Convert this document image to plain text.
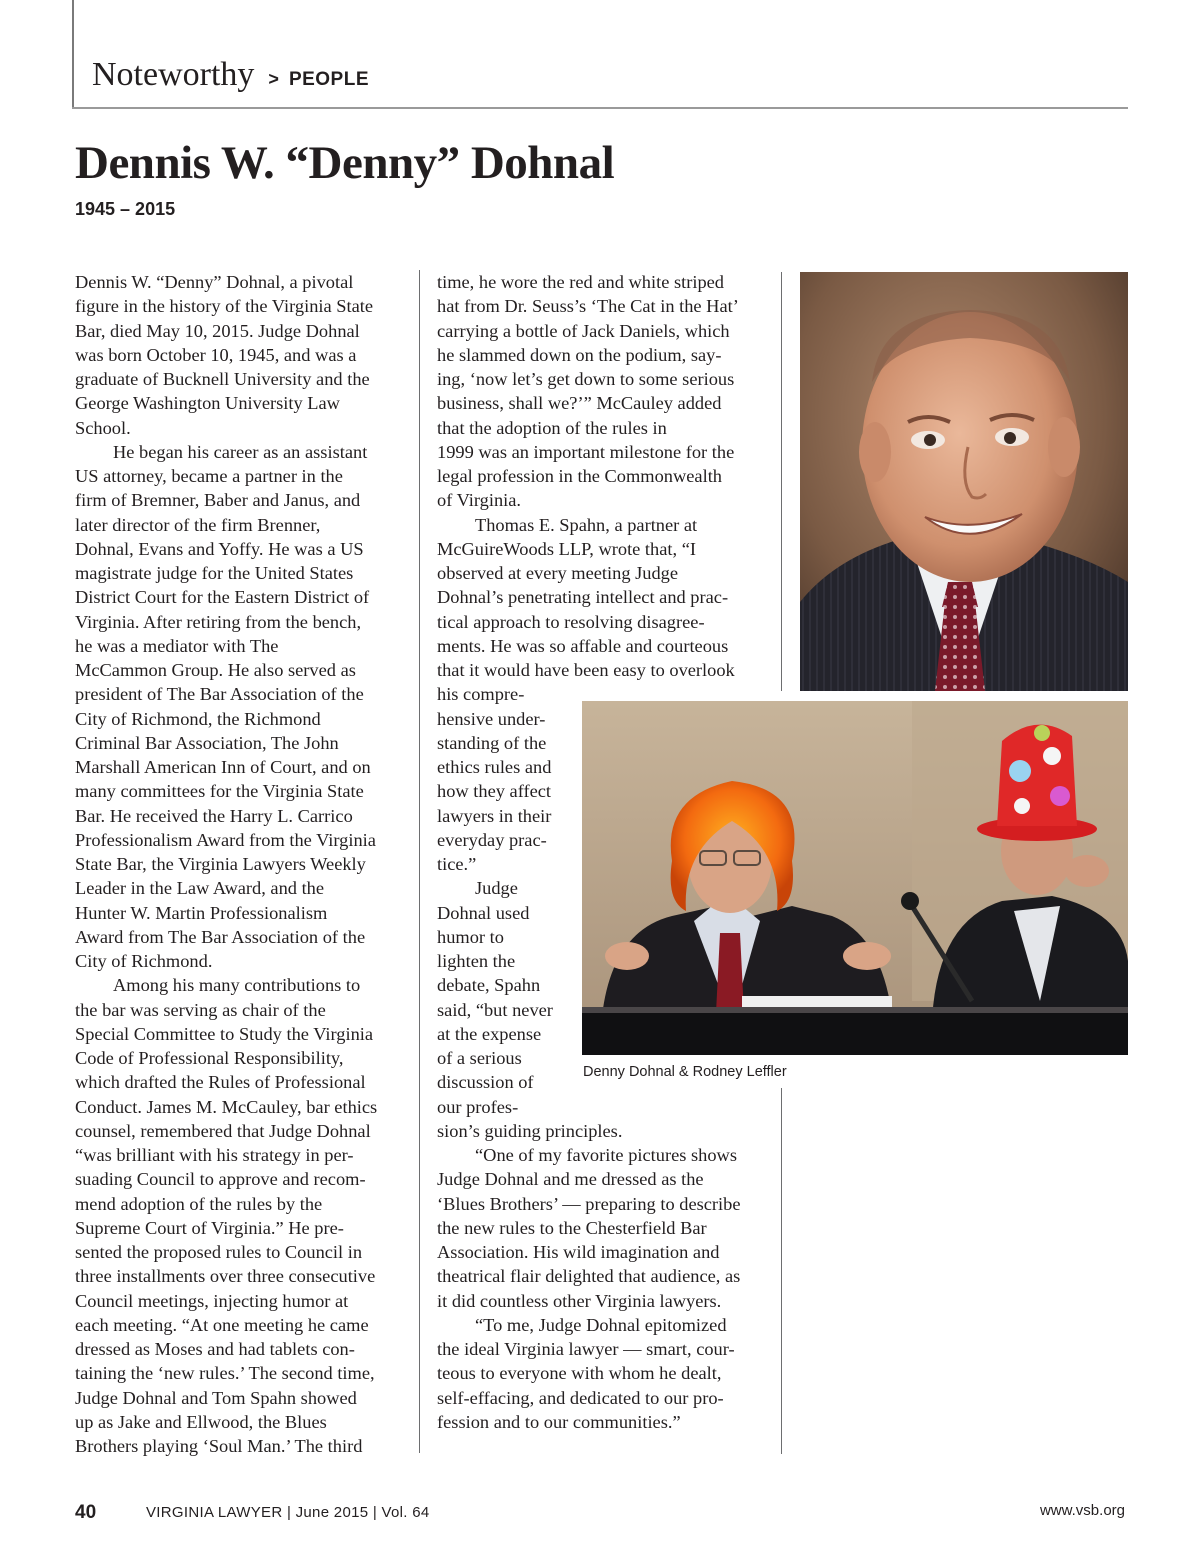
Noteworthy > PEOPLE
Dennis W. “Denny” Dohnal
1945 – 2015
Dennis W. “Denny” Dohnal, a pivotal
figure in the history of the Virginia State
Bar, died May 10, 2015. Judge Dohnal
was born October 10, 1945, and was a
graduate of Bucknell University and the
George Washington University Law
School.
He began his career as an assistant
US attorney, became a partner in the
firm of Bremner, Baber and Janus, and
later director of the firm Brenner,
Dohnal, Evans and Yoffy. He was a US
magistrate judge for the United States
District Court for the Eastern District of
Virginia. After retiring from the bench,
he was a mediator with The
McCammon Group. He also served as
president of The Bar Association of the
City of Richmond, the Richmond
Criminal Bar Association, The John
Marshall American Inn of Court, and on
many committees for the Virginia State
Bar. He received the Harry L. Carrico
Professionalism Award from the Virginia
State Bar, the Virginia Lawyers Weekly
Leader in the Law Award, and the
Hunter W. Martin Professionalism
Award from The Bar Association of the
City of Richmond.
Among his many contributions to
the bar was serving as chair of the
Special Committee to Study the Virginia
Code of Professional Responsibility,
which drafted the Rules of Professional
Conduct. James M. McCauley, bar ethics
counsel, remembered that Judge Dohnal
“was brilliant with his strategy in per-
suading Council to approve and recom-
mend adoption of the rules by the
Supreme Court of Virginia.” He pre-
sented the proposed rules to Council in
three installments over three consecutive
Council meetings, injecting humor at
each meeting. “At one meeting he came
dressed as Moses and had tablets con-
taining the ‘new rules.’ The second time,
Judge Dohnal and Tom Spahn showed
up as Jake and Ellwood, the Blues
Brothers playing ‘Soul Man.’ The third
time, he wore the red and white striped
hat from Dr. Seuss’s ‘The Cat in the Hat’
carrying a bottle of Jack Daniels, which
he slammed down on the podium, say-
ing, ‘now let’s get down to some serious
business, shall we?’” McCauley added
that the adoption of the rules in
1999 was an important milestone for the
legal profession in the Commonwealth
of Virginia.
Thomas E. Spahn, a partner at
McGuireWoods LLP, wrote that, “I
observed at every meeting Judge
Dohnal’s penetrating intellect and prac-
tical approach to resolving disagree-
ments. He was so affable and courteous
that it would have been easy to overlook
his compre-
hensive under-
standing of the
ethics rules and
how they affect
lawyers in their
everyday prac-
tice.”
Judge
Dohnal used
humor to
lighten the
debate, Spahn
said, “but never
at the expense
of a serious
discussion of
our profes-
sion’s guiding principles.
“One of my favorite pictures shows
Judge Dohnal and me dressed as the
‘Blues Brothers’ — preparing to describe
the new rules to the Chesterfield Bar
Association. His wild imagination and
theatrical flair delighted that audience, as
it did countless other Virginia lawyers.
“To me, Judge Dohnal epitomized
the ideal Virginia lawyer — smart, cour-
teous to everyone with whom he dealt,
self-effacing, and dedicated to our pro-
fession and to our communities.”
Denny Dohnal & Rodney Leffler
40	VIRGINIA LAWYER | June 2015 | Vol. 64	www.vsb.org
